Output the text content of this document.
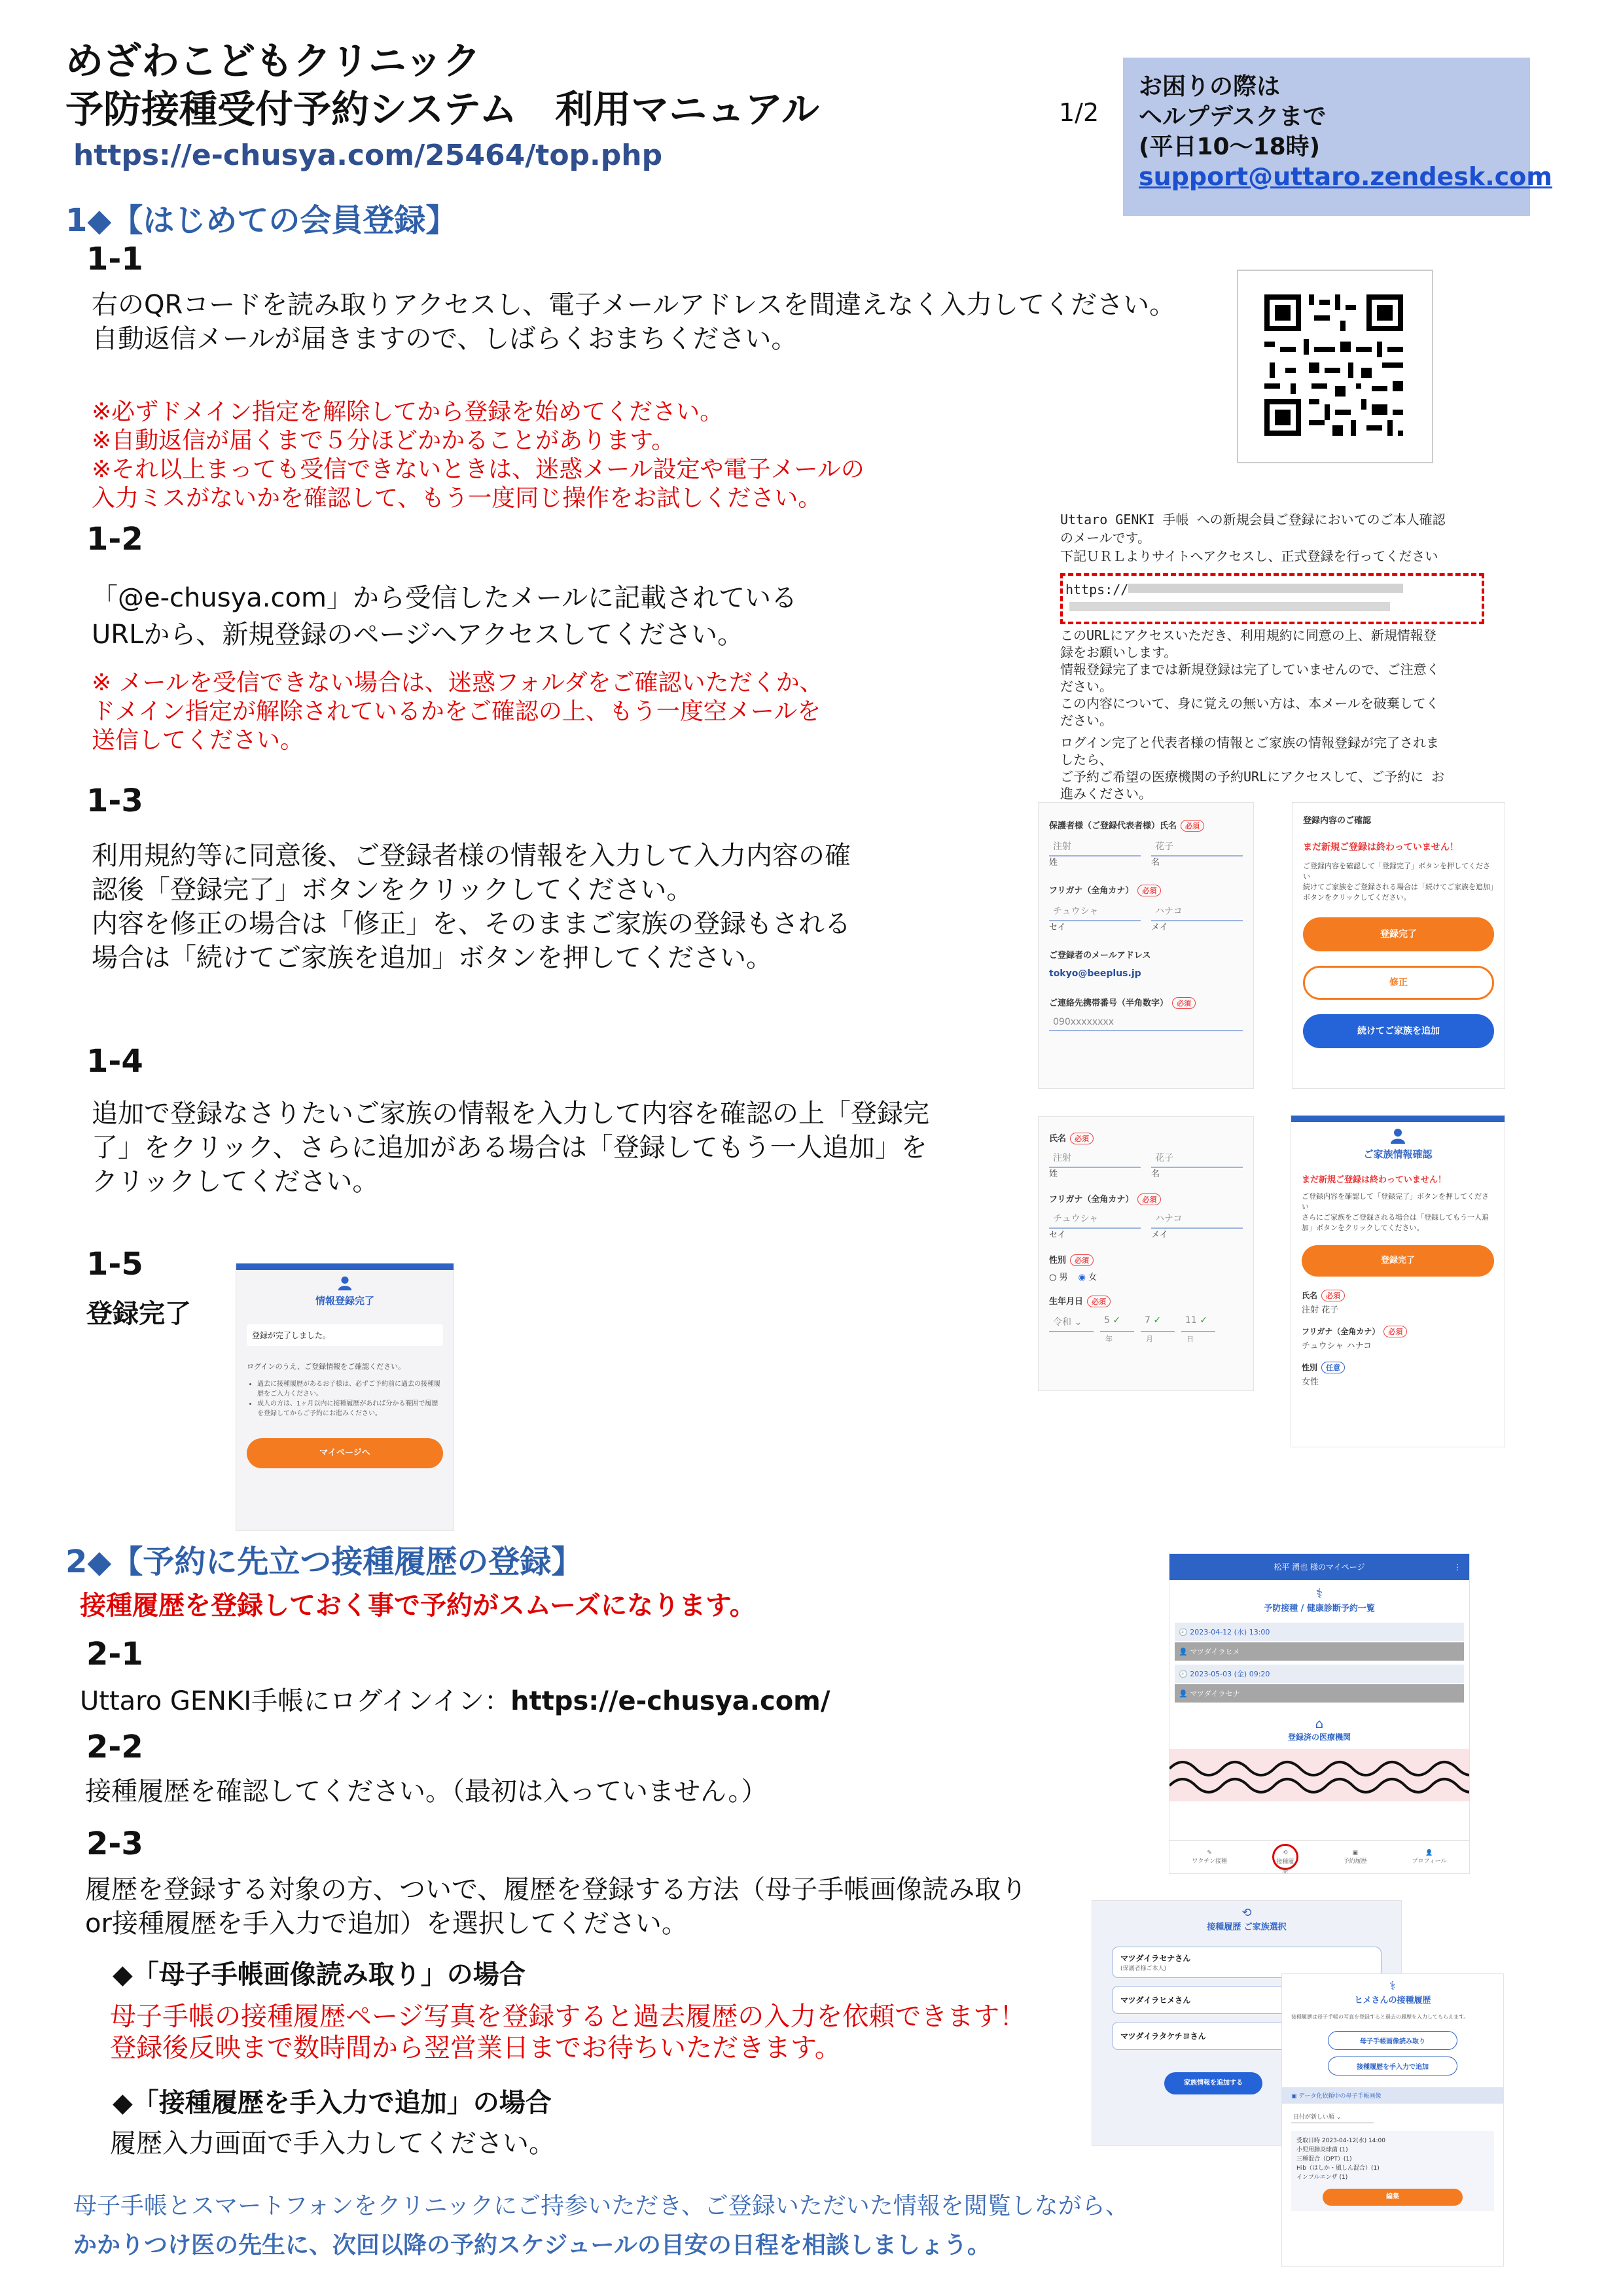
めざわこどもクリニック
予防接種受付予約システム　利用マニュアル
https://e-chusya.com/25464/top.php
1/2
お困りの際は
ヘルプデスクまで
(平日10～18時)
support@uttaro.zendesk.com
1◆【はじめての会員登録】
1-1
右のQRコードを読み取りアクセスし、電子メールアドレスを間違えなく入力してください。自動返信メールが届きますので、しばらくおまちください。
※必ずドメイン指定を解除してから登録を始めてください。
※自動返信が届くまで５分ほどかかることがあります。
※それ以上まっても受信できないときは、迷惑メール設定や電子メールの
入力ミスがないかを確認して、もう一度同じ操作をお試しください。
1-2
「@e-chusya.com」から受信したメールに記載されている
URLから、新規登録のページへアクセスしてください。
※ メールを受信できない場合は、迷惑フォルダをご確認いただくか、
ドメイン指定が解除されているかをご確認の上、もう一度空メールを
送信してください。
Uttaro GENKI 手帳 への新規会員ご登録においてのご本人確認
のメールです。
下記ＵＲＬよりサイトへアクセスし、正式登録を行ってください
https://
このURLにアクセスいただき、利用規約に同意の上、新規情報登
録をお願いします。
情報登録完了までは新規登録は完了していませんので、ご注意く
ださい。
この内容について、身に覚えの無い方は、本メールを破棄してく
ださい。
ログイン完了と代表者様の情報とご家族の情報登録が完了されま
したら、
ご予約ご希望の医療機関の予約URLにアクセスして、ご予約に お
進みください。
1-3
利用規約等に同意後、ご登録者様の情報を入力して入力内容の確
認後「登録完了」ボタンをクリックしてください。
内容を修正の場合は「修正」を、そのままご家族の登録もされる
場合は「続けてご家族を追加」ボタンを押してください。
保護者様（ご登録代表者様）氏名 必須
注射
姓
花子
名
フリガナ（全角カナ） 必須
チュウシャ
セイ
ハナコ
メイ
ご登録者のメールアドレス
tokyo@beeplus.jp
ご連絡先携帯番号（半角数字） 必須
090xxxxxxxx
登録内容のご確認
まだ新規ご登録は終わっていません！
ご登録内容を確認して「登録完了」ボタンを押してください
続けてご家族をご登録される場合は「続けてご家族を追加」ボタンをクリックしてください。
登録完了
修正
続けてご家族を追加
1-4
追加で登録なさりたいご家族の情報を入力して内容を確認の上「登録完
了」をクリック、さらに追加がある場合は「登録してもう一人追加」を
クリックしてください。
氏名 必須
注射
姓
花子
名
フリガナ（全角カナ） 必須
チュウシャ
セイ
ハナコ
メイ
性別 必須
○ 男 ◉ 女
生年月日 必須
令和 ⌄	5 ✓	7 ✓	11 ✓
年	月	日
ご家族情報確認
まだ新規ご登録は終わっていません！
ご登録内容を確認して「登録完了」ボタンを押してください
さらにご家族をご登録される場合は「登録してもう一人追加」ボタンをクリックしてください。
登録完了
氏名 必須
注射 花子
フリガナ（全角カナ） 必須
チュウシャ ハナコ
性別 任意
女性
1-5
登録完了	情報登録完了
登録が完了しました。
ログインのうえ、ご登録情報をご確認ください。
• 過去に接種履歴があるお子様は、必ずご予約前に過去の接種履歴をご入力ください。
• 成人の方は、1ヶ月以内に接種履歴があれば分かる範囲で履歴を登録してからご予約にお進みください。
マイページへ
2◆【予約に先立つ接種履歴の登録】
接種履歴を登録しておく事で予約がスムーズになります。
2-1
Uttaro GENKI手帳にログインイン：https://e-chusya.com/
2-2
接種履歴を確認してください。（最初は入っていません。）
2-3
履歴を登録する対象の方、ついで、履歴を登録する方法（母子手帳画像読み取り
or接種履歴を手入力で追加）を選択してください。
◆「母子手帳画像読み取り」の場合
母子手帳の接種履歴ページ写真を登録すると過去履歴の入力を依頼できます！
登録後反映まで数時間から翌営業日までお待ちいただきます。
◆「接種履歴を手入力で追加」の場合
履歴入力画面で手入力してください。
松平 湧也 様のマイページ	⋮
⚕
予防接種 / 健康診断予約一覧
🕘 2023-04-12 (水) 13:00
👤 マツダイラヒメ
🕘 2023-05-03 (金) 09:20
👤 マツダイラセナ
⌂
登録済の医療機関
✎
ワクチン接種
⟲
接種履歴
▣
予約履歴
👤
プロフィール
⟲
接種履歴 ご家族選択
マツダイラセナさん
(保護者様ご本人)
マツダイラヒメさん
マツダイラタケチヨさん
家族情報を追加する
⚕
ヒメさんの接種履歴
接種履歴は母子手帳の写真を登録すると過去の履歴を入力してもらえます。
母子手帳画像読み取り
接種履歴を手入力で追加
▣ データ化依頼中の母子手帳画像
日付が新しい順 ⌄
受取日時 2023-04-12(水) 14:00
小児用肺炎球菌 (1)
三種混合（DPT）(1)
Hib（はしか・風しん混合）(1)
インフルエンザ (1)
編集
母子手帳とスマートフォンをクリニックにご持参いただき、ご登録いただいた情報を閲覧しながら、
かかりつけ医の先生に、次回以降の予約スケジュールの目安の日程を相談しましょう。
